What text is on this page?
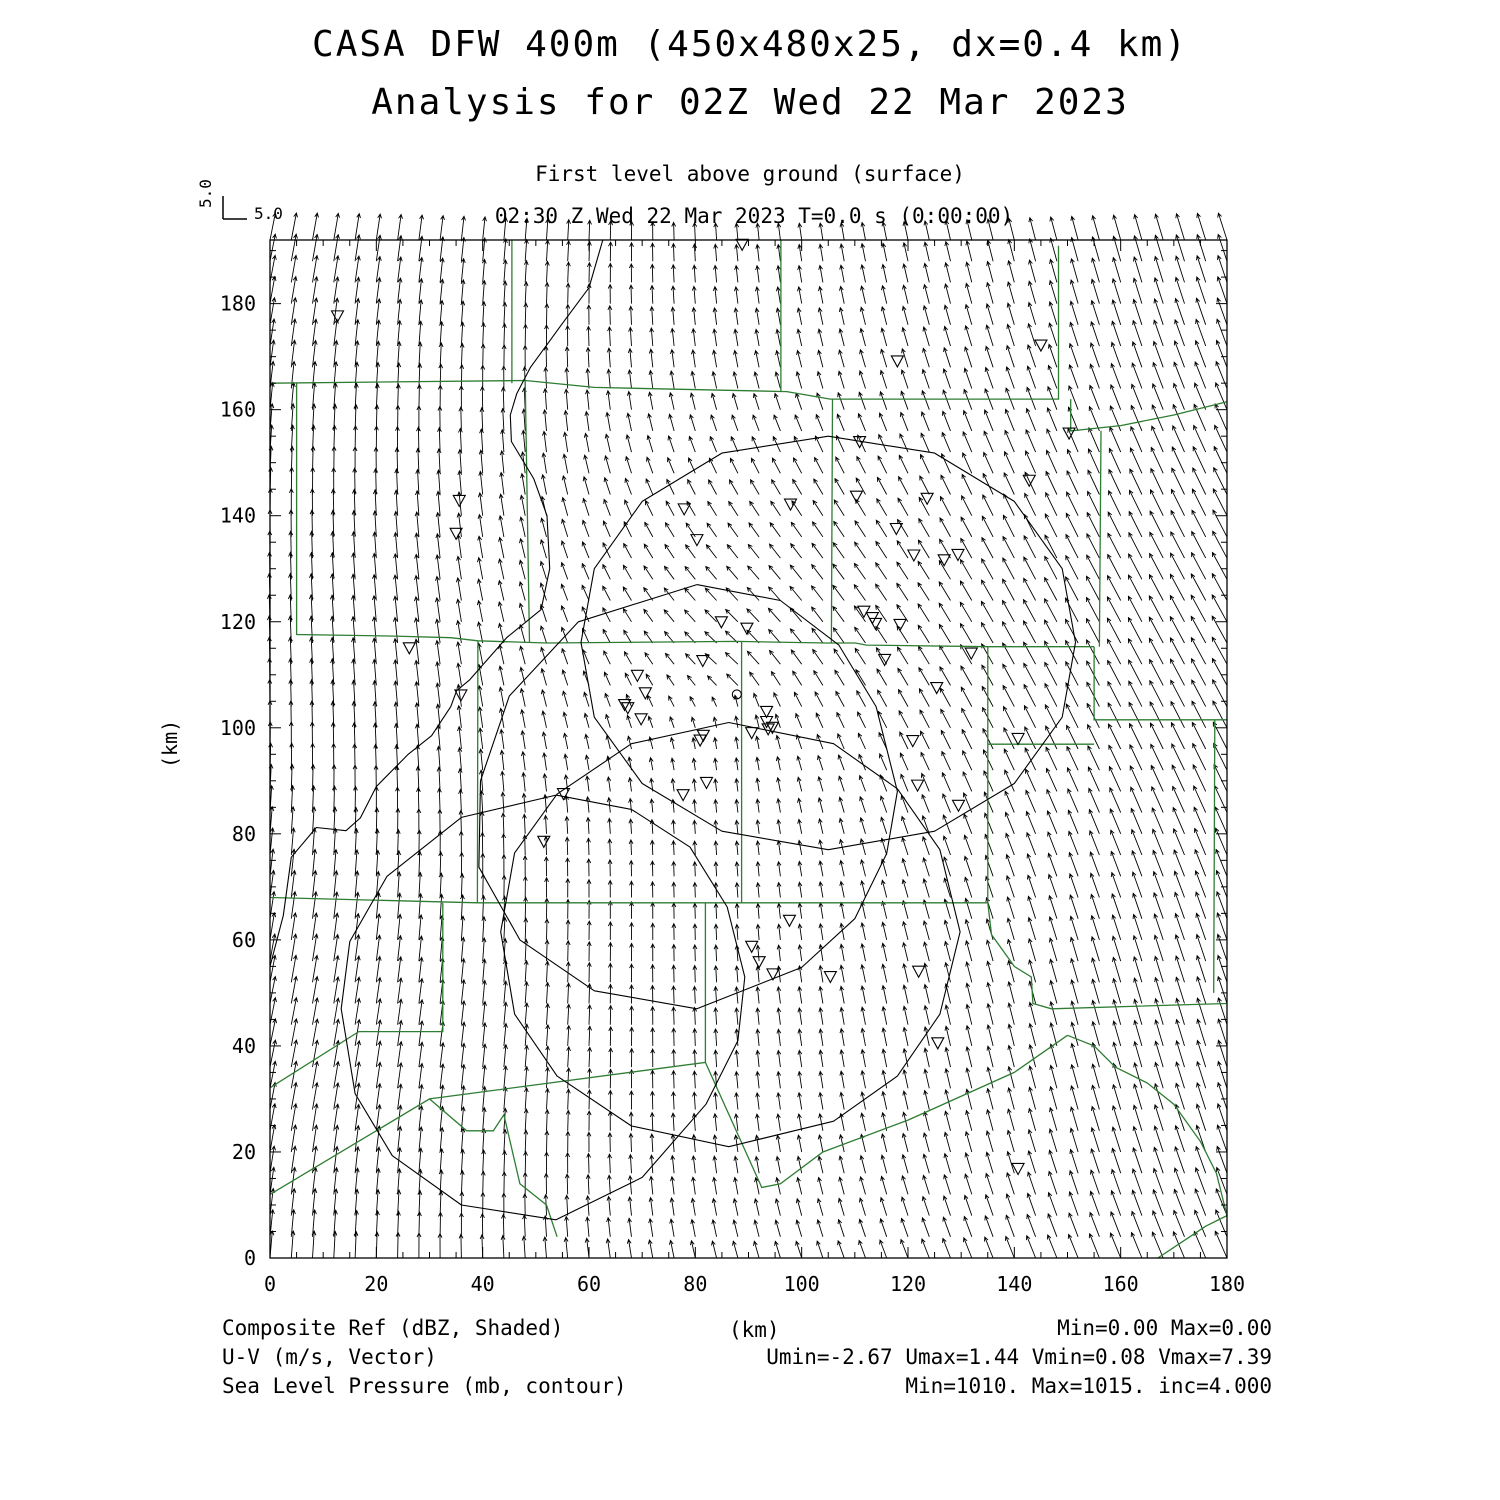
CASA DFW 400m (450x480x25, dx=0.4 km)
Analysis for 02Z Wed 22 Mar 2023
First level above ground (surface)
02:30 Z Wed 22 Mar 2023 T=0.0 s (0:00:00)
5.0
5.0
0	20	40	60	80	100	120	140	160	180
0
20
40
60
80
100
120
140
160
180
(km)
Composite Ref (dBZ, Shaded)	(km)	Min=0.00 Max=0.00
U-V (m/s, Vector)	Umin=-2.67 Umax=1.44 Vmin=0.08 Vmax=7.39
Sea Level Pressure (mb, contour)	Min=1010. Max=1015. inc=4.000
